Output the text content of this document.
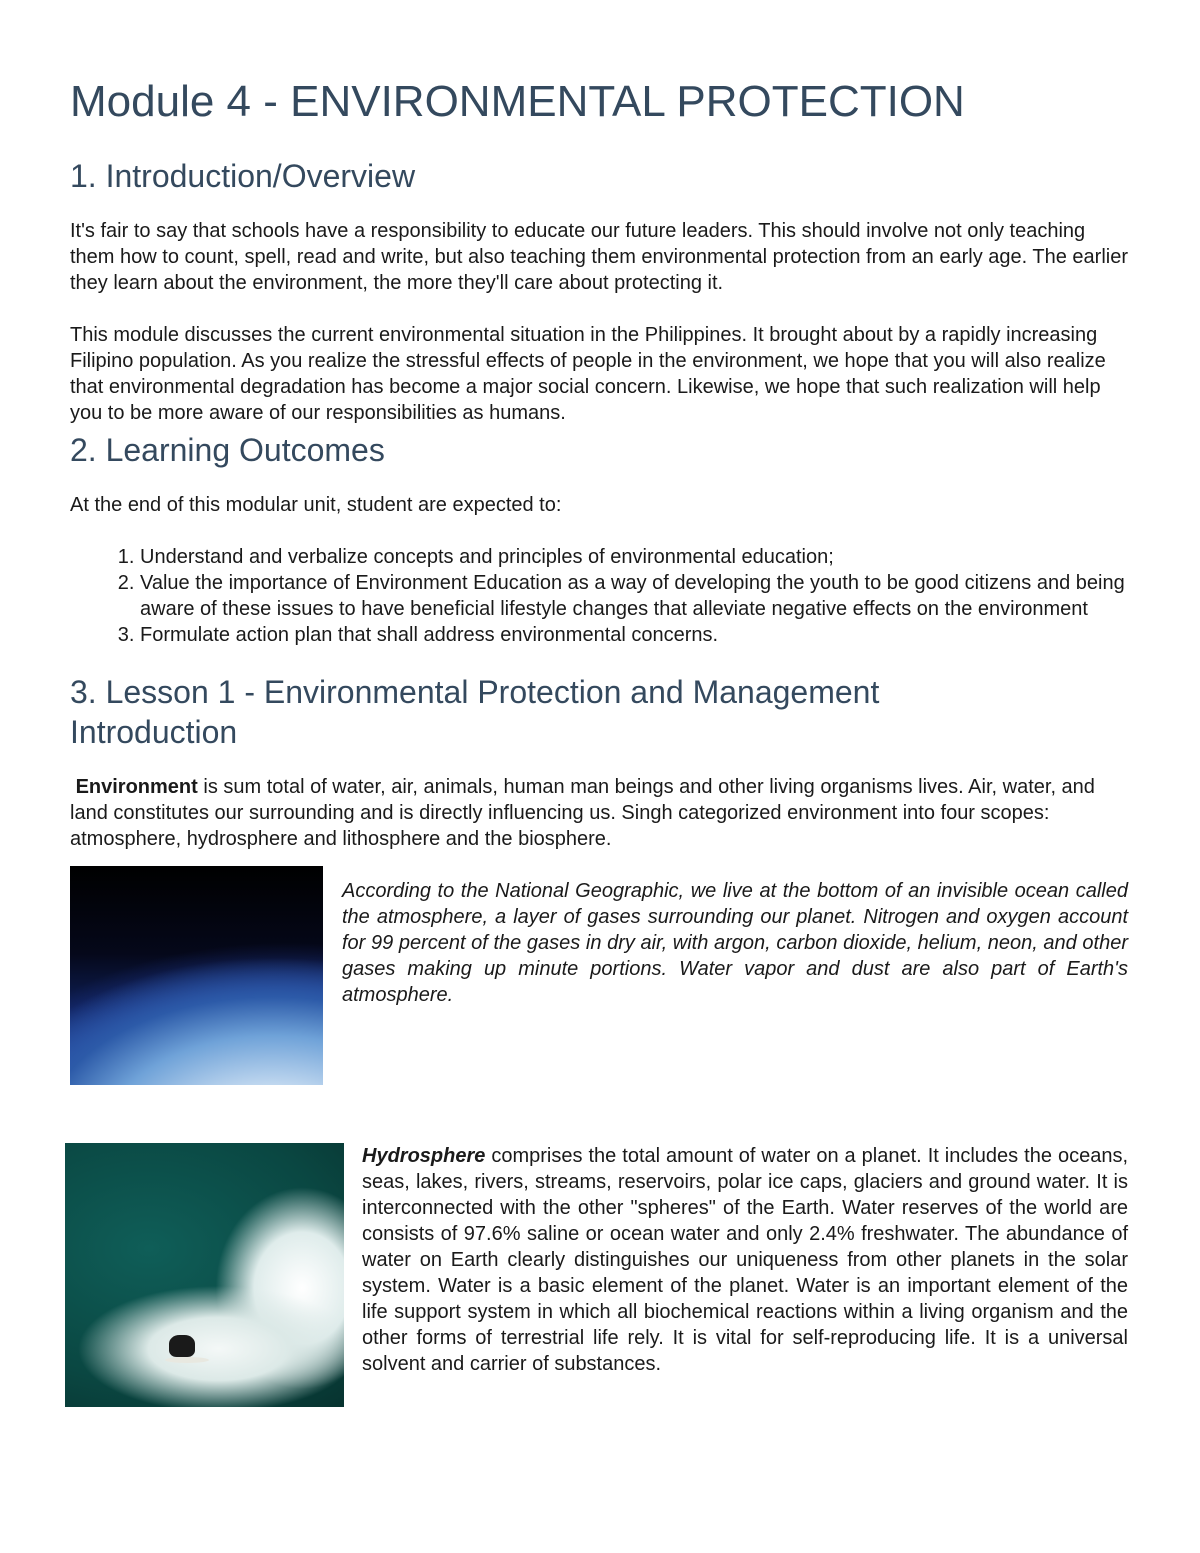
Module 4 - ENVIRONMENTAL PROTECTION
1. Introduction/Overview

It's fair to say that schools have a responsibility to educate our future leaders. This should involve not only teaching them how to count, spell, read and write, but also teaching them environmental protection from an early age. The earlier they learn about the environment, the more they'll care about protecting it.

This module discusses the current environmental situation in the Philippines. It brought about by a rapidly increasing Filipino population. As you realize the stressful effects of people in the environment, we hope that you will also realize that environmental degradation has become a major social concern. Likewise, we hope that such realization will help you to be more aware of our responsibilities as humans.

2. Learning Outcomes

At the end of this modular unit, student are expected to:

1. Understand and verbalize concepts and principles of environmental education;
2. Value the importance of Environment Education as a way of developing the youth to be good citizens and being aware of these issues to have beneficial lifestyle changes that alleviate negative effects on the environment
3. Formulate action plan that shall address environmental concerns.
3. Lesson 1 - Environmental Protection and Management
Introduction

Environment is sum total of water, air, animals, human man beings and other living organisms lives. Air, water, and land constitutes our surrounding and is directly influencing us. Singh categorized environment into four scopes: atmosphere, hydrosphere and lithosphere and the biosphere.

According to the National Geographic, we live at the bottom of an invisible ocean called the atmosphere, a layer of gases surrounding our planet. Nitrogen and oxygen account for 99 percent of the gases in dry air, with argon, carbon dioxide, helium, neon, and other gases making up minute portions. Water vapor and dust are also part of Earth's atmosphere.

Hydrosphere comprises the total amount of water on a planet. It includes the oceans, seas, lakes, rivers, streams, reservoirs, polar ice caps, glaciers and ground water. It is interconnected with the other "spheres" of the Earth. Water reserves of the world are consists of 97.6% saline or ocean water and only 2.4% freshwater. The abundance of water on Earth clearly distinguishes our uniqueness from other planets in the solar system. Water is a basic element of the planet. Water is an important element of the life support system in which all biochemical reactions within a living organism and the other forms of terrestrial life rely. It is vital for self-reproducing life. It is a universal solvent and carrier of substances.
